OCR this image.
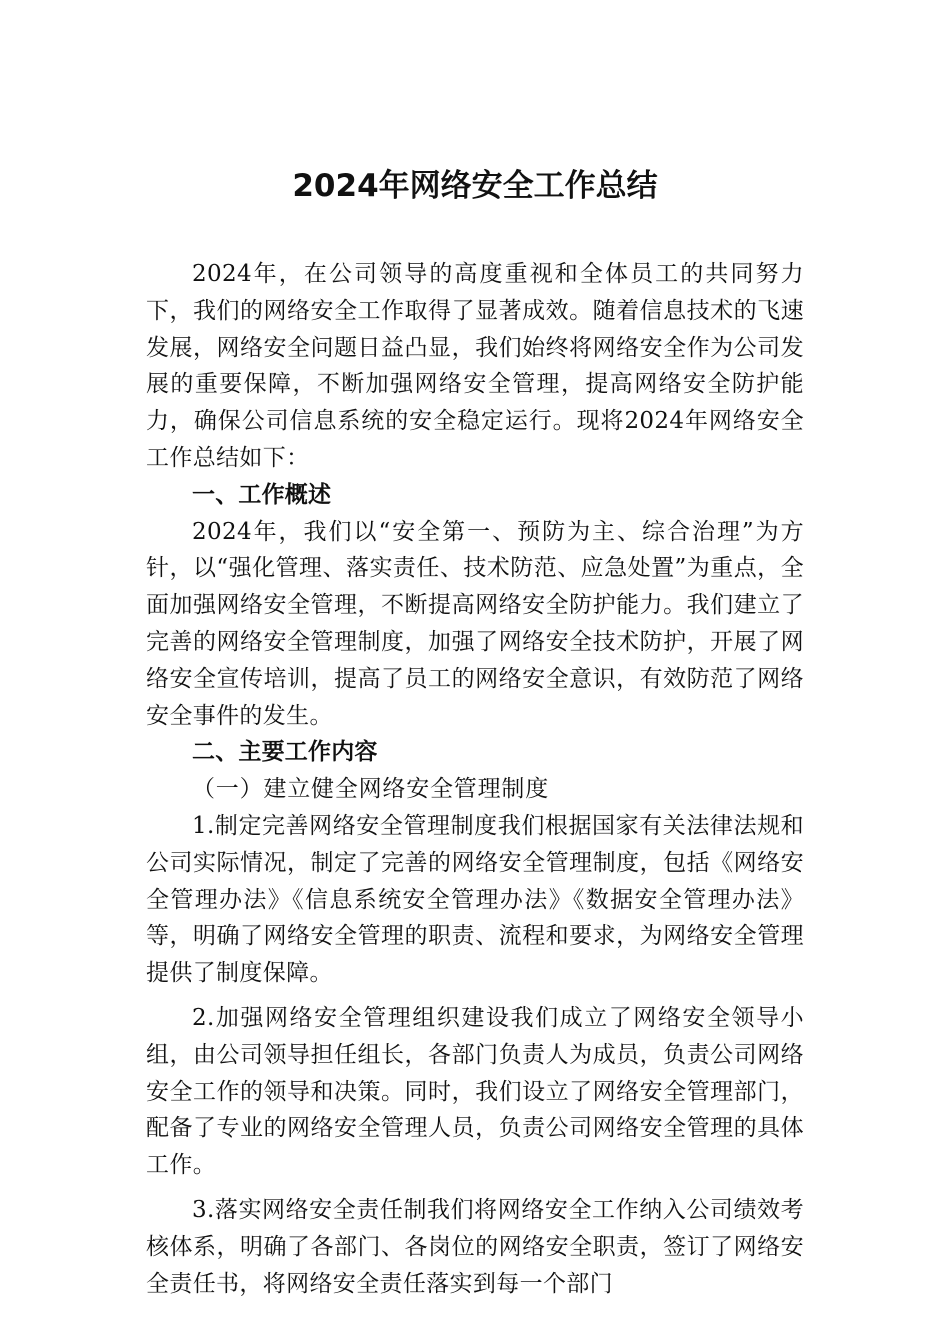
2024年网络安全工作总结

2024年，在公司领导的高度重视和全体员工的共同努力下，我们的网络安全工作取得了显著成效。随着信息技术的飞速发展，网络安全问题日益凸显，我们始终将网络安全作为公司发展的重要保障，不断加强网络安全管理，提高网络安全防护能力，确保公司信息系统的安全稳定运行。现将2024年网络安全工作总结如下：

一、工作概述

2024年，我们以“安全第一、预防为主、综合治理”为方针，以“强化管理、落实责任、技术防范、应急处置”为重点，全面加强网络安全管理，不断提高网络安全防护能力。我们建立了完善的网络安全管理制度，加强了网络安全技术防护，开展了网络安全宣传培训，提高了员工的网络安全意识，有效防范了网络安全事件的发生。

二、主要工作内容

（一）建立健全网络安全管理制度

1.制定完善网络安全管理制度我们根据国家有关法律法规和公司实际情况，制定了完善的网络安全管理制度，包括《网络安全管理办法》《信息系统安全管理办法》《数据安全管理办法》等，明确了网络安全管理的职责、流程和要求，为网络安全管理提供了制度保障。

2.加强网络安全管理组织建设我们成立了网络安全领导小组，由公司领导担任组长，各部门负责人为成员，负责公司网络安全工作的领导和决策。同时，我们设立了网络安全管理部门，配备了专业的网络安全管理人员，负责公司网络安全管理的具体工作。

3.落实网络安全责任制我们将网络安全工作纳入公司绩效考核体系，明确了各部门、各岗位的网络安全职责，签订了网络安全责任书，将网络安全责任落实到每一个部门
